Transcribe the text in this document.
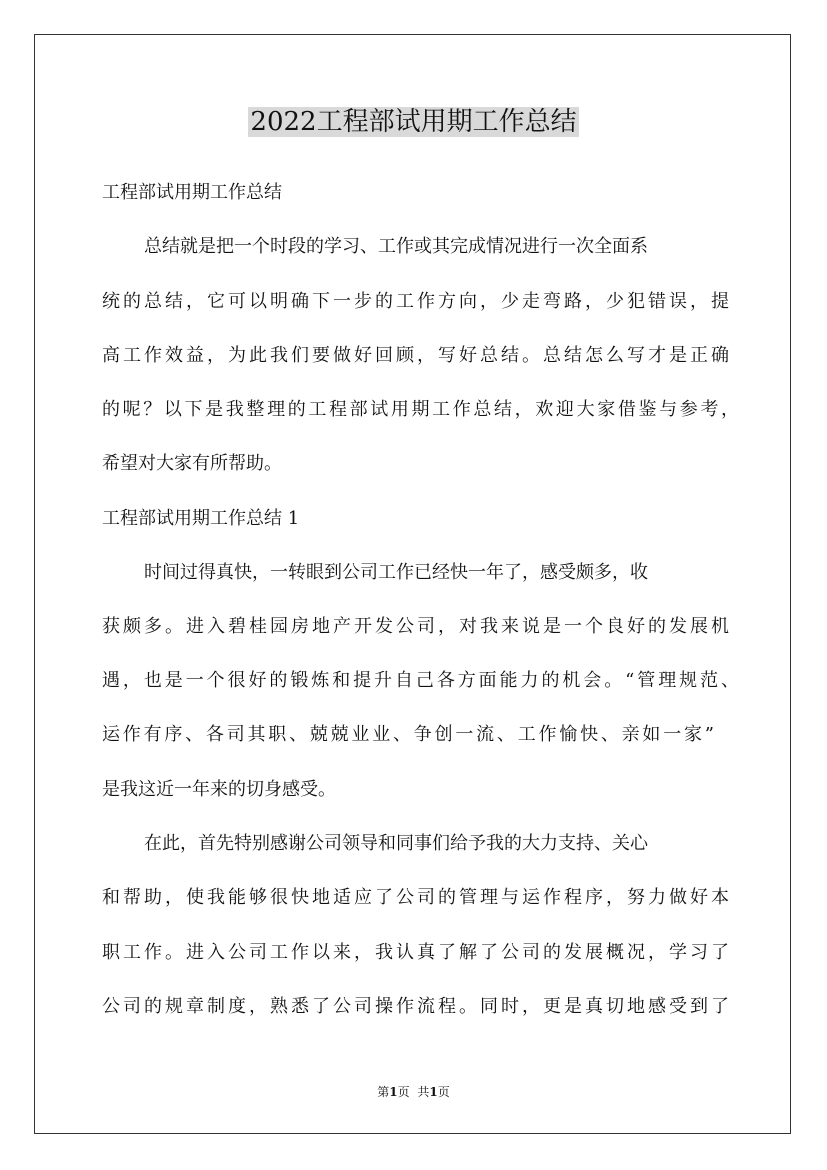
2022工程部试用期工作总结
工程部试用期工作总结
总结就是把一个时段的学习、工作或其完成情况进行一次全面系
统的总结，它可以明确下一步的工作方向，少走弯路，少犯错误，提
高工作效益，为此我们要做好回顾，写好总结。总结怎么写才是正确
的呢？以下是我整理的工程部试用期工作总结，欢迎大家借鉴与参考，
希望对大家有所帮助。
工程部试用期工作总结 1
时间过得真快，一转眼到公司工作已经快一年了，感受颇多，收
获颇多。进入碧桂园房地产开发公司，对我来说是一个良好的发展机
遇，也是一个很好的锻炼和提升自己各方面能力的机会。“管理规范、
运作有序、各司其职、兢兢业业、争创一流、工作愉快、亲如一家”
是我这近一年来的切身感受。
在此，首先特别感谢公司领导和同事们给予我的大力支持、关心
和帮助，使我能够很快地适应了公司的管理与运作程序，努力做好本
职工作。进入公司工作以来，我认真了解了公司的发展概况，学习了
公司的规章制度，熟悉了公司操作流程。同时，更是真切地感受到了
第1页 共1页
